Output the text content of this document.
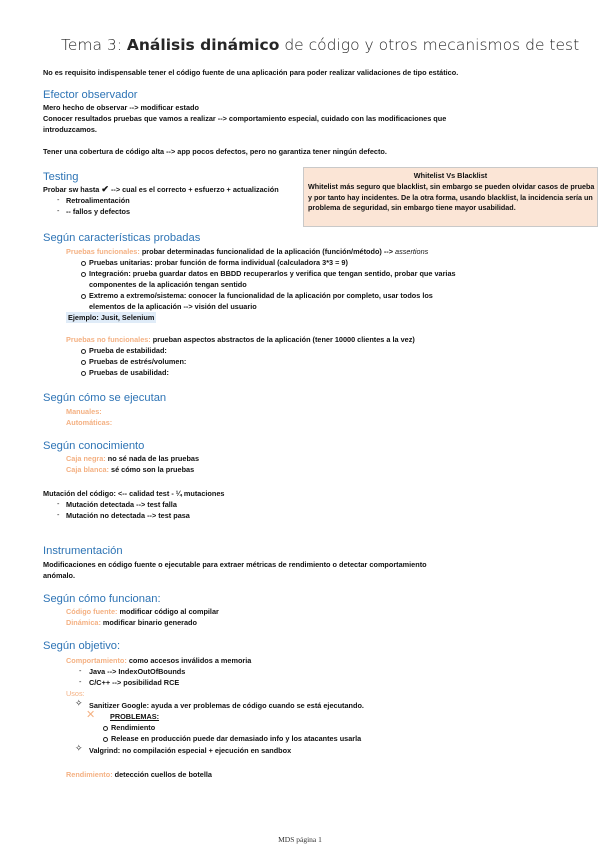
Tema 3: Análisis dinámico de código y otros mecanismos de test
No es requisito indispensable tener el código fuente de una aplicación para poder realizar validaciones de tipo estático.
Efector observador
Mero hecho de observar --> modificar estado
Conocer resultados pruebas que vamos a realizar --> comportamiento especial, cuidado con las modificaciones que
introduzcamos.
Tener una cobertura de código alta --> app pocos defectos, pero no garantiza tener ningún defecto.
Whitelist Vs Blacklist
Whitelist más seguro que blacklist, sin embargo se pueden olvidar casos de prueba y por tanto hay incidentes. De la otra forma, usando blacklist, la incidencia sería un problema de seguridad, sin embargo tiene mayor usabilidad.
Testing
Probar sw hasta ✔ --> cual es el correcto + esfuerzo + actualización
- Retroalimentación
- -- fallos y defectos
Según características probadas
Pruebas funcionales: probar determinadas funcionalidad de la aplicación (función/método) --> assertions
Pruebas unitarias: probar función de forma individual (calculadora 3*3 = 9)
Integración: prueba guardar datos en BBDD recuperarlos y verifica que tengan sentido, probar que varias
componentes de la aplicación tengan sentido
Extremo a extremo/sistema: conocer la funcionalidad de la aplicación por completo, usar todos los
elementos de la aplicación --> visión del usuario
Ejemplo: Jusit, Selenium
Pruebas no funcionales: prueban aspectos abstractos de la aplicación (tener 10000 clientes a la vez)
Prueba de estabilidad:
Pruebas de estrés/volumen:
Pruebas de usabilidad:
Según cómo se ejecutan
Manuales:
Automáticas:
Según conocimiento
Caja negra: no sé nada de las pruebas
Caja blanca: sé cómo son la pruebas
Mutación del código: <-- calidad test - ¼ mutaciones
- Mutación detectada --> test falla
- Mutación no detectada --> test pasa
Instrumentación
Modificaciones en código fuente o ejecutable para extraer métricas de rendimiento o detectar comportamiento
anómalo.
Según cómo funcionan:
Código fuente: modificar código al compilar
Dinámica: modificar binario generado
Según objetivo:
Comportamiento: como accesos inválidos a memoria
- Java --> IndexOutOfBounds
- C/C++ --> posibilidad RCE
Usos:
✧ Sanitizer Google: ayuda a ver problemas de código cuando se está ejecutando.
✕ PROBLEMAS:
Rendimiento
Release en producción puede dar demasiado info y los atacantes usarla
✧ Valgrind: no compilación especial + ejecución en sandbox
Rendimiento: detección cuellos de botella
MDS página 1
